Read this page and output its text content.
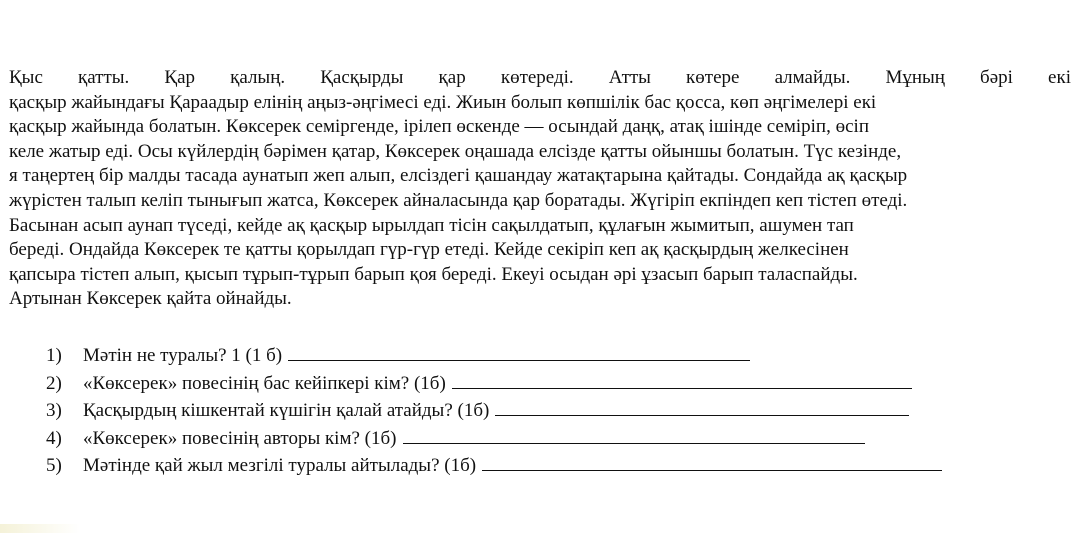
Қыс қатты. Қар қалың. Қасқырды қар көтереді. Атты көтере алмайды. Мұның бәрі екі
қасқыр жайындағы Қараадыр елінің аңыз-әңгімесі еді. Жиын болып көпшілік бас қосса, көп әңгімелері екі
қасқыр жайында болатын. Көксерек семіргенде, ірілеп өскенде — осындай даңқ, атақ ішінде семіріп, өсіп
келе жатыр еді. Осы күйлердің бәрімен қатар, Көксерек оңашада елсізде қатты ойыншы болатын. Түс кезінде,
я таңертең бір малды тасада аунатып жеп алып, елсіздегі қашандау жатақтарына қайтады. Сондайда ақ қасқыр
жүрістен талып келіп тынығып жатса, Көксерек айналасында қар боратады. Жүгіріп екпіндеп кеп тістеп өтеді.
Басынан асып аунап түседі, кейде ақ қасқыр ырылдап тісін сақылдатып, құлағын жымитып, ашумен тап
береді. Ондайда Көксерек те қатты қорылдап гүр-гүр етеді. Кейде секіріп кеп ақ қасқырдың желкесінен
қапсыра тістеп алып, қысып тұрып-тұрып барып қоя береді. Екеуі осыдан әрі ұзасып барып таласпайды.
Артынан Көксерек қайта ойнайды.
1)	Мәтін не туралы? 1 (1 б)
2)	«Көксерек» повесінің бас кейіпкері кім? (1б)
3)	Қасқырдың кішкентай күшігін қалай атайды? (1б)
4)	«Көксерек» повесінің авторы кім? (1б)
5)	Мәтінде қай жыл мезгілі туралы айтылады? (1б)
